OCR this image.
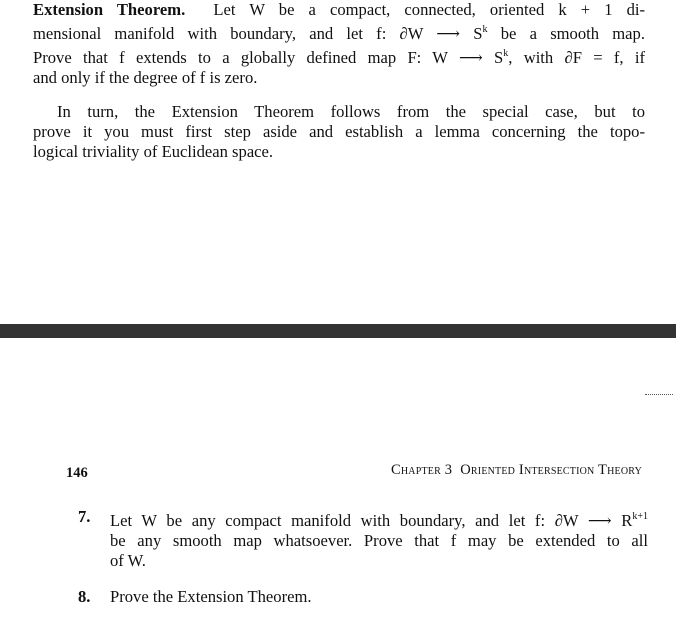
Extension Theorem. Let W be a compact, connected, oriented k + 1 di-
mensional manifold with boundary, and let f: ∂W ⟶ $S^k$ be a smooth map.
Prove that f extends to a globally defined map F: W ⟶ $S^k$, with ∂F = f, if
and only if the degree of f is zero.
In turn, the Extension Theorem follows from the special case, but to
prove it you must first step aside and establish a lemma concerning the topo-
logical triviality of Euclidean space.
146	Chapter 3 Oriented Intersection Theory
7. Let W be any compact manifold with boundary, and let f: ∂W ⟶ $R^{k+1}$
be any smooth map whatsoever. Prove that f may be extended to all
of W.
8. Prove the Extension Theorem.
